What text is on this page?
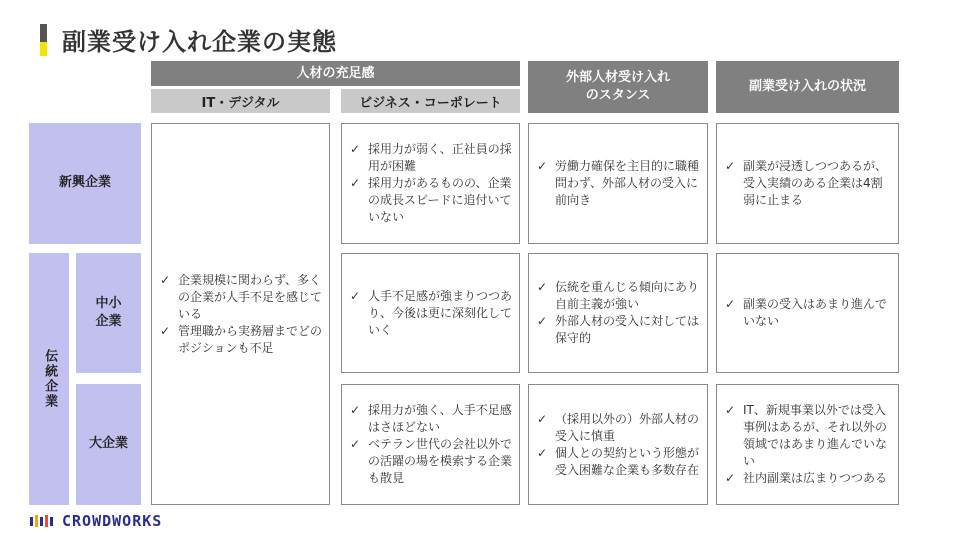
副業受け入れ企業の実態
人材の充足感
IT・デジタル	ビジネス・コーポレート
外部人材受け入れ
のスタンス
副業受け入れの状況
新興企業
伝統企業
中小
企業
大企業
✓ 企業規模に関わらず、多くの企業が人手不足を感じている
✓ 管理職から実務層までどのポジションも不足
✓ 採用力が弱く、正社員の採用が困難
✓ 採用力があるものの、企業の成長スピードに追付いていない
✓ 人手不足感が強まりつつあり、今後は更に深刻化していく
✓ 採用力が強く、人手不足感はさほどない
✓ ベテラン世代の会社以外での活躍の場を模索する企業も散見
✓ 労働力確保を主目的に職種問わず、外部人材の受入に前向き
✓ 伝統を重んじる傾向にあり自前主義が強い
✓ 外部人材の受入に対しては保守的
✓ （採用以外の）外部人材の受入に慎重
✓ 個人との契約という形態が受入困難な企業も多数存在
✓ 副業が浸透しつつあるが、受入実績のある企業は4割弱に止まる
✓ 副業の受入はあまり進んでいない
✓ IT、新規事業以外では受入事例はあるが、それ以外の領域ではあまり進んでいない
✓ 社内副業は広まりつつある
CROWDWORKS
